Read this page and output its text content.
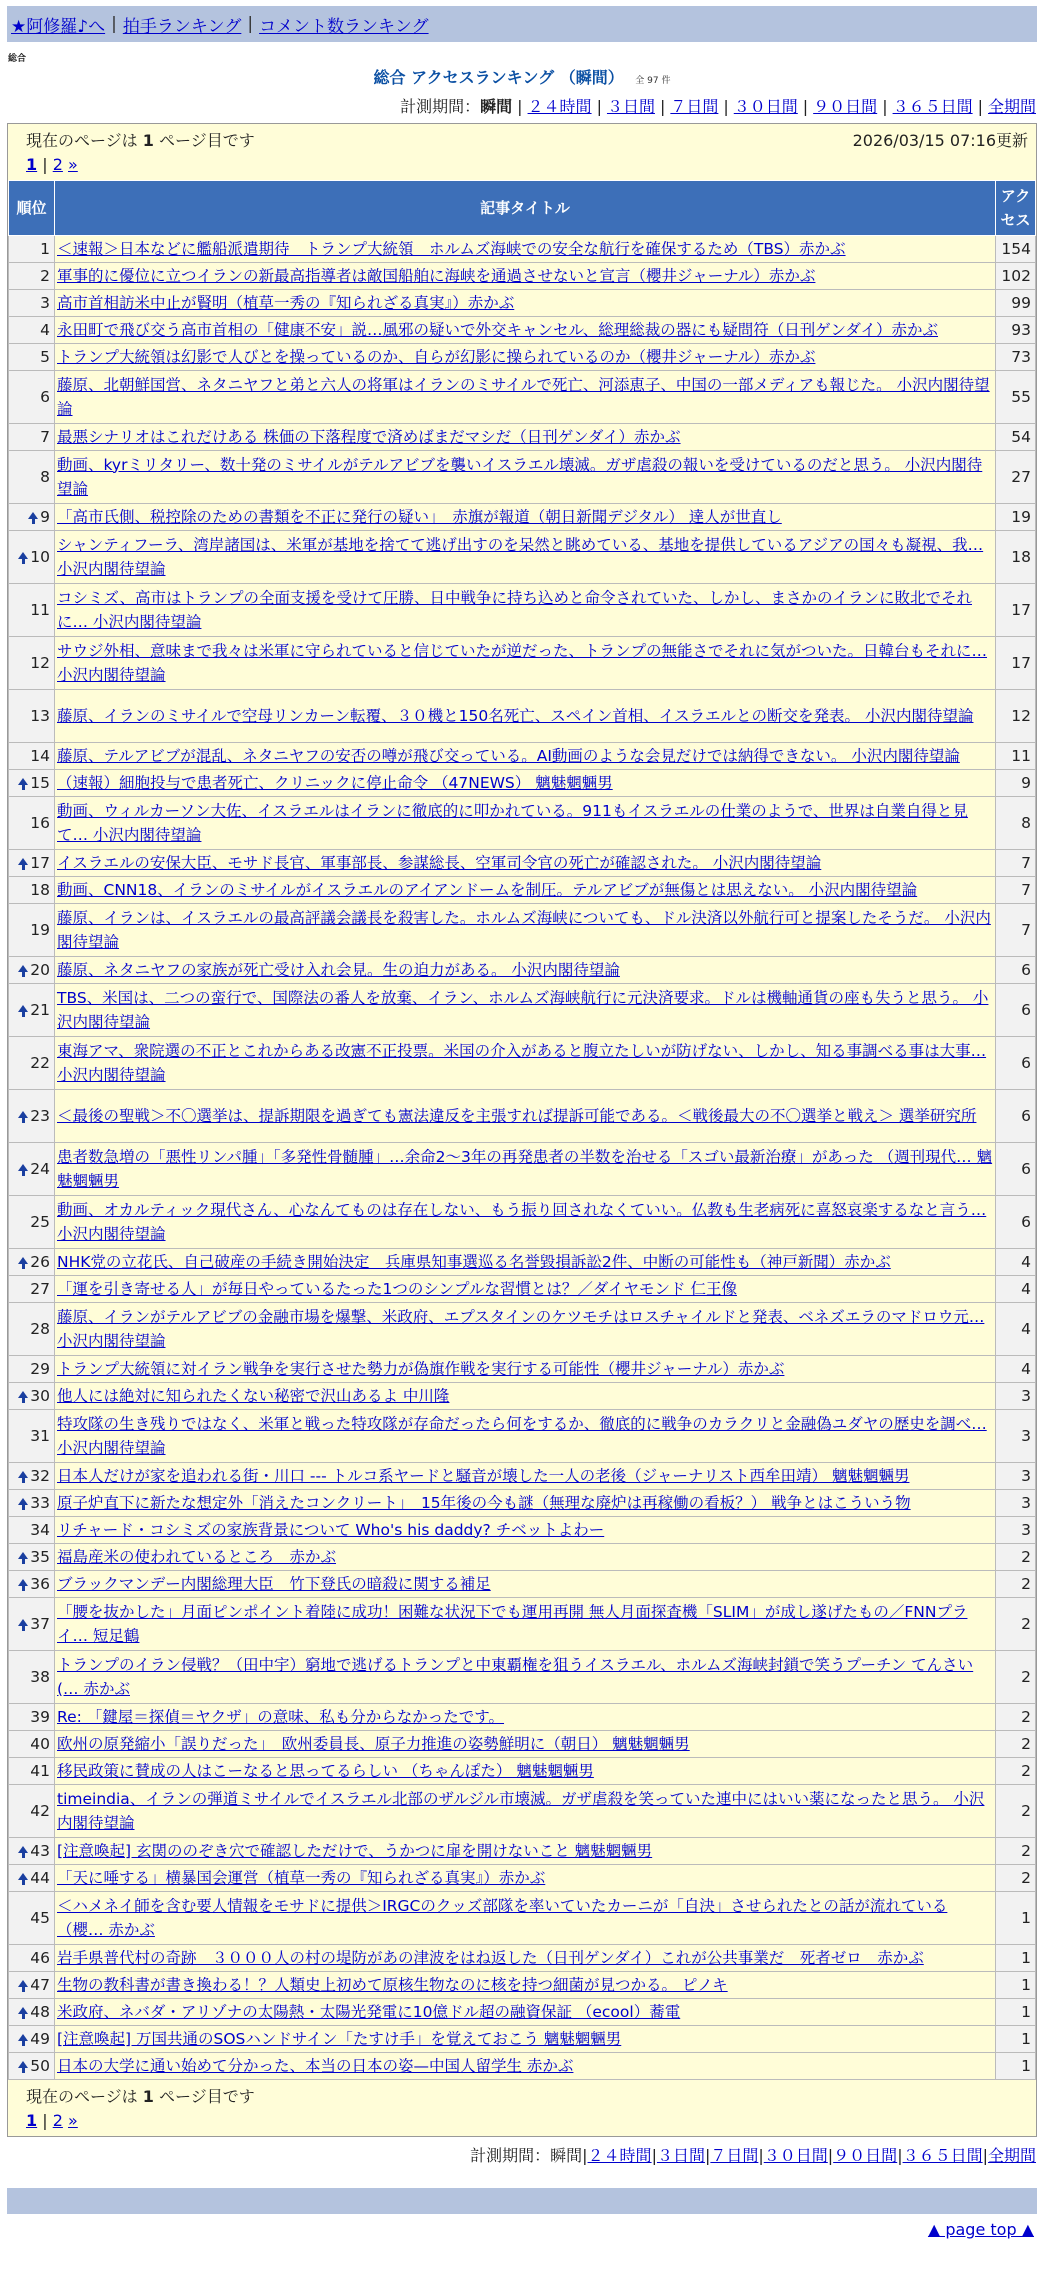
★阿修羅♪へ | 拍手ランキング | コメント数ランキング
総合
総合 アクセスランキング （瞬間） 全 97 件
計測期間：瞬間 | ２４時間 | ３日間 | ７日間 | ３０日間 | ９０日間 | ３６５日間 | 全期間
現在のページは 1 ページ目です	2026/03/15 07:16更新
1 | 2 »
順位	記事タイトル	アクセス
1	＜速報＞日本などに艦船派遣期待　トランプ大統領　ホルムズ海峡での安全な航行を確保するため（TBS）赤かぶ	154
2	軍事的に優位に立つイランの新最高指導者は敵国船舶に海峡を通過させないと宣言（櫻井ジャーナル）赤かぶ	102
3	高市首相訪米中止が賢明（植草一秀の『知られざる真実』）赤かぶ	99
4	永田町で飛び交う高市首相の「健康不安」説…風邪の疑いで外交キャンセル、総理総裁の器にも疑問符（日刊ゲンダイ）赤かぶ	93
5	トランプ大統領は幻影で人びとを操っているのか、自らが幻影に操られているのか（櫻井ジャーナル）赤かぶ	73
6	藤原、北朝鮮国営、ネタニヤフと弟と六人の将軍はイランのミサイルで死亡、河添恵子、中国の一部メディアも報じた。 小沢内閣待望論	55
7	最悪シナリオはこれだけある 株価の下落程度で済めばまだマシだ（日刊ゲンダイ）赤かぶ	54
8	動画、kyrミリタリー、数十発のミサイルがテルアビブを襲いイスラエル壊滅。ガザ虐殺の報いを受けているのだと思う。 小沢内閣待望論	27
9	「高市氏側、税控除のための書類を不正に発行の疑い」　赤旗が報道（朝日新聞デジタル） 達人が世直し	19
10	シャンティフーラ、湾岸諸国は、米軍が基地を捨てて逃げ出すのを呆然と眺めている、基地を提供しているアジアの国々も凝視、我… 小沢内閣待望論	18
11	コシミズ、高市はトランプの全面支援を受けて圧勝、日中戦争に持ち込めと命令されていた、しかし、まさかのイランに敗北でそれに… 小沢内閣待望論	17
12	サウジ外相、意味まで我々は米軍に守られていると信じていたが逆だった、トランプの無能さでそれに気がついた。日韓台もそれに… 小沢内閣待望論	17
13	藤原、イランのミサイルで空母リンカーン転覆、３０機と150名死亡、スペイン首相、イスラエルとの断交を発表。 小沢内閣待望論	12
14	藤原、テルアビブが混乱、ネタニヤフの安否の噂が飛び交っている。AI動画のような会見だけでは納得できない。 小沢内閣待望論	11
15	（速報）細胞投与で患者死亡、クリニックに停止命令 （47NEWS） 魑魅魍魎男	9
16	動画、ウィルカーソン大佐、イスラエルはイランに徹底的に叩かれている。911もイスラエルの仕業のようで、世界は自業自得と見て… 小沢内閣待望論	8
17	イスラエルの安保大臣、モサド長官、軍事部長、参謀総長、空軍司令官の死亡が確認された。 小沢内閣待望論	7
18	動画、CNN18、イランのミサイルがイスラエルのアイアンドームを制圧。テルアビブが無傷とは思えない。 小沢内閣待望論	7
19	藤原、イランは、イスラエルの最高評議会議長を殺害した。ホルムズ海峡についても、ドル決済以外航行可と提案したそうだ。 小沢内閣待望論	7
20	藤原、ネタニヤフの家族が死亡受け入れ会見。生の迫力がある。 小沢内閣待望論	6
21	TBS、米国は、二つの蛮行で、国際法の番人を放棄、イラン、ホルムズ海峡航行に元決済要求。ドルは機軸通貨の座も失うと思う。 小沢内閣待望論	6
22	東海アマ、衆院選の不正とこれからある改憲不正投票。米国の介入があると腹立たしいが防げない、しかし、知る事調べる事は大事… 小沢内閣待望論	6
23	＜最後の聖戦＞不〇選挙は、提訴期限を過ぎても憲法違反を主張すれば提訴可能である。＜戦後最大の不〇選挙と戦え＞ 選挙研究所	6
24	患者数急増の「悪性リンパ腫」「多発性骨髄腫」…余命2～3年の再発患者の半数を治せる「スゴい最新治療」があった （週刊現代… 魑魅魍魎男	6
25	動画、オカルティック現代さん、心なんてものは存在しない、もう振り回されなくていい。仏教も生老病死に喜怒哀楽するなと言う… 小沢内閣待望論	6
26	NHK党の立花氏、自己破産の手続き開始決定　兵庫県知事選巡る名誉毀損訴訟2件、中断の可能性も（神戸新聞）赤かぶ	4
27	「運を引き寄せる人」が毎日やっているたった1つのシンプルな習慣とは？／ダイヤモンド 仁王像	4
28	藤原、イランがテルアビブの金融市場を爆撃、米政府、エプスタインのケツモチはロスチャイルドと発表、ベネズエラのマドロウ元… 小沢内閣待望論	4
29	トランプ大統領に対イラン戦争を実行させた勢力が偽旗作戦を実行する可能性（櫻井ジャーナル）赤かぶ	4
30	他人には絶対に知られたくない秘密で沢山あるよ 中川隆	3
31	特攻隊の生き残りではなく、米軍と戦った特攻隊が存命だったら何をするか、徹底的に戦争のカラクリと金融偽ユダヤの歴史を調べ… 小沢内閣待望論	3
32	日本人だけが家を追われる街・川口 --- トルコ系ヤードと騒音が壊した一人の老後（ジャーナリスト西牟田靖） 魑魅魍魎男	3
33	原子炉直下に新たな想定外「消えたコンクリート」　15年後の今も謎（無理な廃炉は再稼働の看板？） 戦争とはこういう物	3
34	リチャード・コシミズの家族背景について Who's his daddy? チベットよわー	3
35	福島産米の使われているところ　赤かぶ	2
36	ブラックマンデー内閣総理大臣　竹下登氏の暗殺に関する補足	2
37	「腰を抜かした」月面ピンポイント着陸に成功！困難な状況下でも運用再開 無人月面探査機「SLIM」が成し遂げたもの／FNNプライ… 短足鶴	2
38	トランプのイラン侵戦？（田中宇）窮地で逃げるトランプと中東覇権を狙うイスラエル、ホルムズ海峡封鎖で笑うプーチン てんさい(… 赤かぶ	2
39	Re: 「鍵屋＝探偵＝ヤクザ」の意味、私も分からなかったです。	2
40	欧州の原発縮小「誤りだった」　欧州委員長、原子力推進の姿勢鮮明に（朝日） 魑魅魍魎男	2
41	移民政策に賛成の人はこーなると思ってるらしい （ちゃんぽた） 魑魅魍魎男	2
42	timeindia、イランの弾道ミサイルでイスラエル北部のザルジル市壊滅。ガザ虐殺を笑っていた連中にはいい薬になったと思う。 小沢内閣待望論	2
43	[注意喚起] 玄関ののぞき穴で確認しただけで、うかつに扉を開けないこと 魑魅魍魎男	2
44	「天に唾する」横暴国会運営（植草一秀の『知られざる真実』）赤かぶ	2
45	＜ハメネイ師を含む要人情報をモサドに提供＞IRGCのクッズ部隊を率いていたカーニが「自決」させられたとの話が流れている（櫻… 赤かぶ	1
46	岩手県普代村の奇跡　３０００人の村の堤防があの津波をはね返した（日刊ゲンダイ）これが公共事業だ　死者ゼロ　赤かぶ	1
47	生物の教科書が書き換わる！？人類史上初めて原核生物なのに核を持つ細菌が見つかる。 ピノキ	1
48	米政府、ネバダ・アリゾナの太陽熱・太陽光発電に10億ドル超の融資保証 （ecool）蕎電	1
49	[注意喚起] 万国共通のSOSハンドサイン「たすけ手」を覚えておこう 魑魅魍魎男	1
50	日本の大学に通い始めて分かった、本当の日本の姿—中国人留学生 赤かぶ	1
現在のページは 1 ページ目です
1 | 2 »
計測期間：瞬間|２４時間|３日間|７日間|３０日間|９０日間|３６５日間|全期間
▲ page top ▲
